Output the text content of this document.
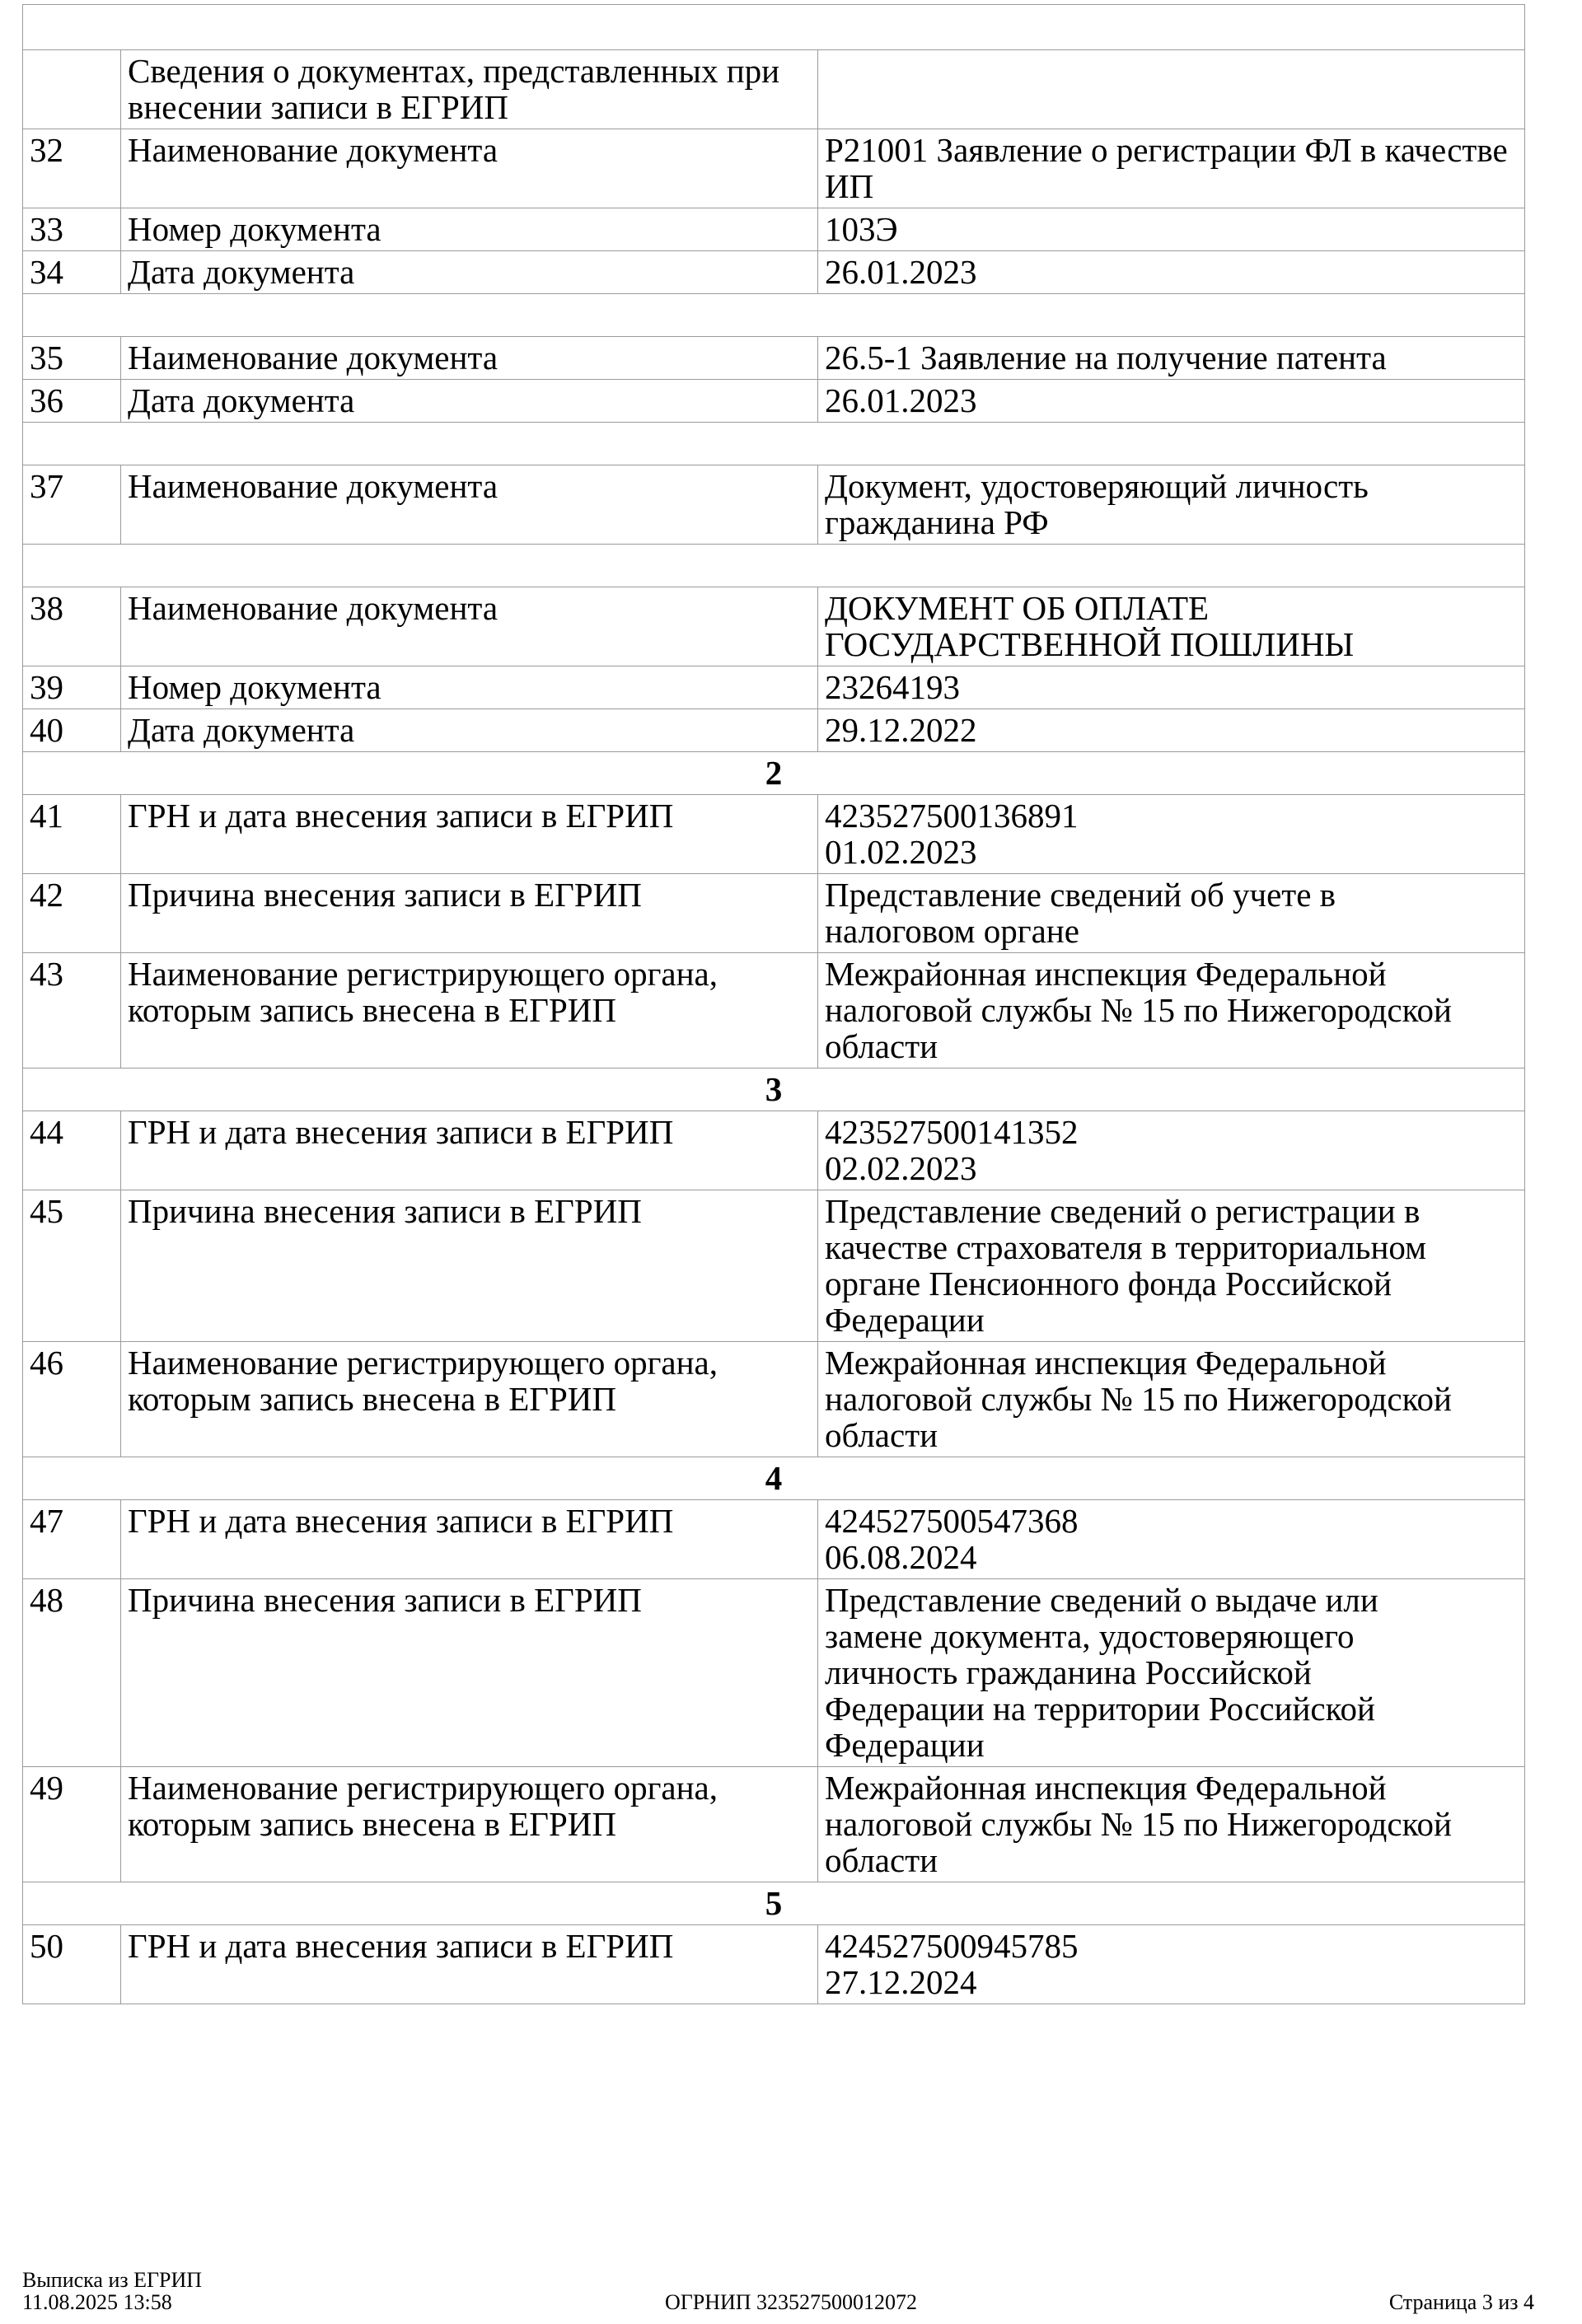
	Сведения о документах, представленных при внесении записи в ЕГРИП	
32	Наименование документа	Р21001 Заявление о регистрации ФЛ в качестве ИП
33	Номер документа	103Э
34	Дата документа	26.01.2023

35	Наименование документа	26.5-1 Заявление на получение патента
36	Дата документа	26.01.2023

37	Наименование документа	Документ, удостоверяющий личность
гражданина РФ

38	Наименование документа	ДОКУМЕНТ ОБ ОПЛАТЕ
ГОСУДАРСТВЕННОЙ ПОШЛИНЫ
39	Номер документа	23264193
40	Дата документа	29.12.2022
2		
41	ГРН и дата внесения записи в ЕГРИП	423527500136891
01.02.2023
42	Причина внесения записи в ЕГРИП	Представление сведений об учете в
налоговом органе
43	Наименование регистрирующего органа,
которым запись внесена в ЕГРИП	Межрайонная инспекция Федеральной
налоговой службы № 15 по Нижегородской
области
3		
44	ГРН и дата внесения записи в ЕГРИП	423527500141352
02.02.2023
45	Причина внесения записи в ЕГРИП	Представление сведений о регистрации в
качестве страхователя в территориальном
органе Пенсионного фонда Российской
Федерации
46	Наименование регистрирующего органа,
которым запись внесена в ЕГРИП	Межрайонная инспекция Федеральной
налоговой службы № 15 по Нижегородской
области
4		
47	ГРН и дата внесения записи в ЕГРИП	424527500547368
06.08.2024
48	Причина внесения записи в ЕГРИП	Представление сведений о выдаче или
замене документа, удостоверяющего
личность гражданина Российской
Федерации на территории Российской
Федерации
49	Наименование регистрирующего органа,
которым запись внесена в ЕГРИП	Межрайонная инспекция Федеральной
налоговой службы № 15 по Нижегородской
области
5		
50	ГРН и дата внесения записи в ЕГРИП	424527500945785
27.12.2024
Выписка из ЕГРИП
11.08.2025 13:58	ОГРНИП 323527500012072	Страница 3 из 4
